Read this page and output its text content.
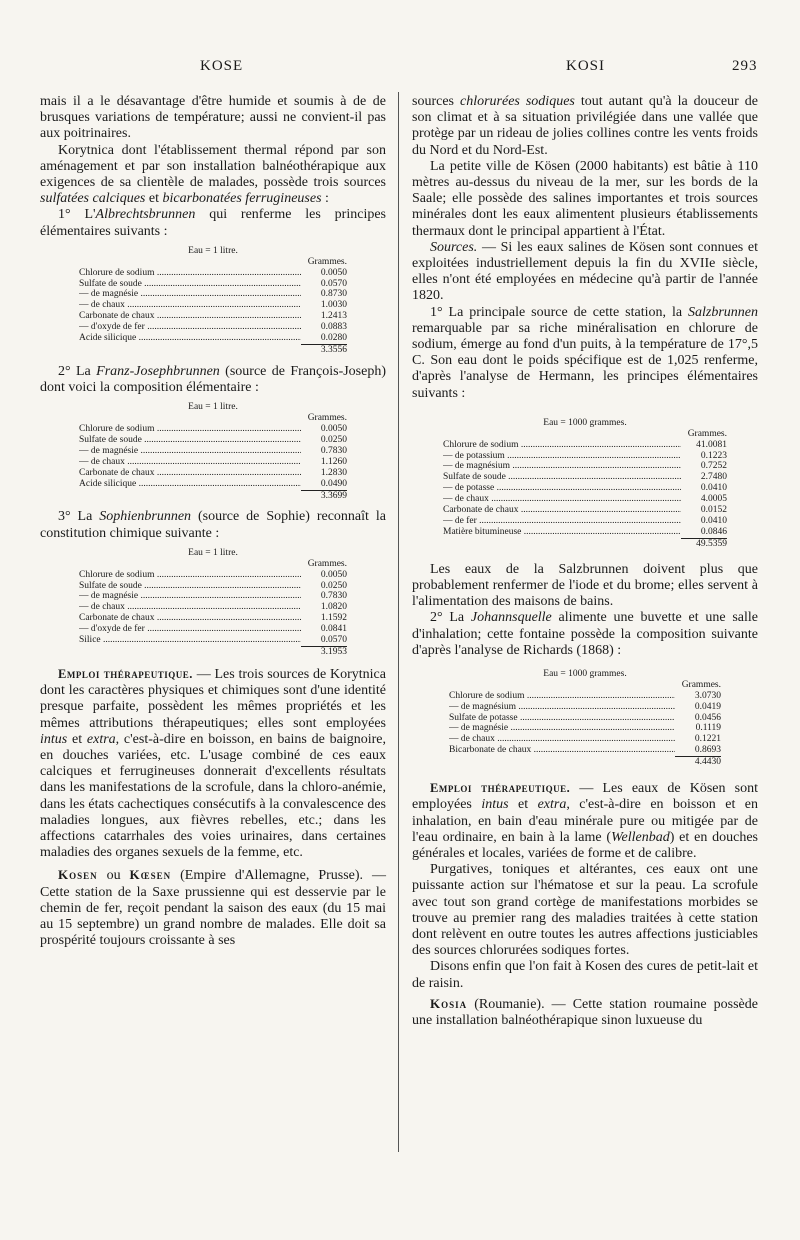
KOSE	KOSI	293

mais il a le désavantage d'être humide et soumis à de de brusques variations de température; aussi ne convient-il pas aux poitrinaires.

Korytnica dont l'établissement thermal répond par son aménagement et par son installation balnéothérapique aux exigences de sa clientèle de malades, possède trois sources sulfatées calciques et bicarbonatées ferrugineuses :

1° L'Albrechtsbrunnen qui renferme les principes élémentaires suivants :

Eau = 1 litre.
Grammes.
Chlorure de sodium .....	0.0050
Sulfate de soude .....	0.0570
— de magnésie .....	0.8730
— de chaux .....	1.0030
Carbonate de chaux .....	1.2413
— d'oxyde de fer .....	0.0883
Acide silicique .....	0.0280
3.3556

2° La Franz-Josephbrunnen (source de François-Joseph) dont voici la composition élémentaire :

Eau = 1 litre.
Grammes.
Chlorure de sodium .....	0.0050
Sulfate de soude .....	0.0250
— de magnésie .....	0.7830
— de chaux .....	1.1260
Carbonate de chaux .....	1.2830
Acide silicique .....	0.0490
3.3699

3° La Sophienbrunnen (source de Sophie) reconnaît la constitution chimique suivante :

Eau = 1 litre.
Grammes.
Chlorure de sodium .....	0.0050
Sulfate de soude .....	0.0250
— de magnésie .....	0.7830
— de chaux .....	1.0820
Carbonate de chaux .....	1.1592
— d'oxyde de fer .....	0.0841
Silice .....	0.0570
3.1953

Emploi thérapeutique. — Les trois sources de Korytnica dont les caractères physiques et chimiques sont d'une identité presque parfaite, possèdent les mêmes propriétés et les mêmes attributions thérapeutiques; elles sont employées intus et extra, c'est-à-dire en boisson, en bains de baignoire, en douches variées, etc. L'usage combiné de ces eaux calciques et ferrugineuses donnerait d'excellents résultats dans les manifestations de la scrofule, dans la chloro-anémie, dans les états cachectiques consécutifs à la convalescence des maladies longues, aux fièvres rebelles, etc.; dans les affections catarrhales des voies urinaires, dans certaines maladies des organes sexuels de la femme, etc.

Kosen ou Kœsen (Empire d'Allemagne, Prusse). — Cette station de la Saxe prussienne qui est desservie par le chemin de fer, reçoit pendant la saison des eaux (du 15 mai au 15 septembre) un grand nombre de malades. Elle doit sa prospérité toujours croissante à ses

sources chlorurées sodiques tout autant qu'à la douceur de son climat et à sa situation privilégiée dans une vallée que protège par un rideau de jolies collines contre les vents froids du Nord et du Nord-Est.

La petite ville de Kösen (2000 habitants) est bâtie à 110 mètres au-dessus du niveau de la mer, sur les bords de la Saale; elle possède des salines importantes et trois sources minérales dont les eaux alimentent plusieurs établissements thermaux dont le principal appartient à l'État.

Sources. — Si les eaux salines de Kösen sont connues et exploitées industriellement depuis la fin du XVIIe siècle, elles n'ont été employées en médecine qu'à partir de l'année 1820.

1° La principale source de cette station, la Salzbrunnen remarquable par sa riche minéralisation en chlorure de sodium, émerge au fond d'un puits, à la température de 17°,5 C. Son eau dont le poids spécifique est de 1,025 renferme, d'après l'analyse de Hermann, les principes élémentaires suivants :

Eau = 1000 grammes.
Grammes.
Chlorure de sodium .....	41.0081
— de potassium .....	0.1223
— de magnésium .....	0.7252
Sulfate de soude .....	2.7480
— de potasse .....	0.0410
— de chaux .....	4.0005
Carbonate de chaux .....	0.0152
— de fer .....	0.0410
Matière bitumineuse .....	0.0846
49.5359

Les eaux de la Salzbrunnen doivent plus que probablement renfermer de l'iode et du brome; elles servent à l'alimentation des maisons de bains.

2° La Johannsquelle alimente une buvette et une salle d'inhalation; cette fontaine possède la composition suivante d'après l'analyse de Richards (1868) :

Eau = 1000 grammes.
Grammes.
Chlorure de sodium .....	3.0730
— de magnésium .....	0.0419
Sulfate de potasse .....	0.0456
— de magnésie .....	0.1119
— de chaux .....	0.1221
Bicarbonate de chaux .....	0.8693
4.4430

Emploi thérapeutique. — Les eaux de Kösen sont employées intus et extra, c'est-à-dire en boisson et en inhalation, en bain d'eau minérale pure ou mitigée par de l'eau ordinaire, en bain à la lame (Wellenbad) et en douches générales et locales, variées de forme et de calibre.

Purgatives, toniques et altérantes, ces eaux ont une puissante action sur l'hématose et sur la peau. La scrofule avec tout son grand cortège de manifestations morbides se trouve au premier rang des maladies traitées à cette station dont relèvent en outre toutes les autres affections justiciables des sources chlorurées sodiques fortes.

Disons enfin que l'on fait à Kosen des cures de petit-lait et de raisin.

Kosia (Roumanie). — Cette station roumaine possède une installation balnéothérapique sinon luxueuse du
